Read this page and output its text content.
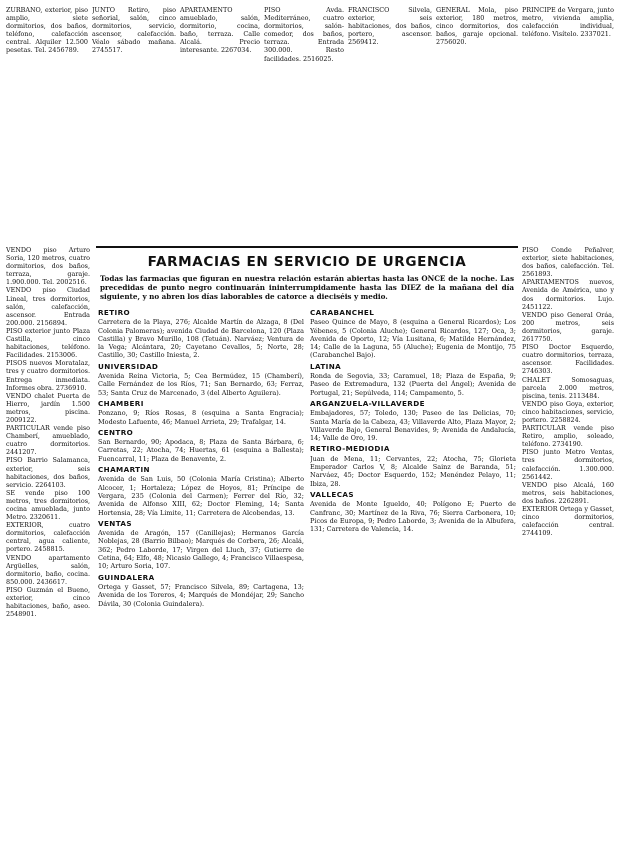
ZURBANO, exterior, piso amplio, siete dormitorios, dos baños, teléfono, calefacción central. Alquiler 12.500 pesetas. Tel. 2456789.

JUNTO Retiro, piso señorial, salón, cinco dormitorios, servicio, ascensor, calefacción. Véalo sábado mañana. 2745517.

APARTAMENTO amueblado, salón, dormitorio, cocina, baño, terraza. Calle Alcalá. Precio interesante. 2267034.

PISO Avda. Mediterráneo, cuatro dormitorios, salón-comedor, dos baños, terraza. Entrada 300.000. Resto facilidades. 2516025.

FRANCISCO Silvela, exterior, seis habitaciones, dos baños, portero, ascensor. 2569412.

GENERAL Mola, piso exterior, 180 metros, cinco dormitorios, dos baños, garaje opcional. 2756020.

PRINCIPE de Vergara, junto metro, vivienda amplia, calefacción individual, teléfono. Visítelo. 2337021.

VENDO piso Arturo Soria, 120 metros, cuatro dormitorios, dos baños, terraza, garaje. 1.900.000. Tel. 2002516.

VENDO piso Ciudad Lineal, tres dormitorios, salón, calefacción, ascensor. Entrada 200.000. 2156894.

PISO exterior junto Plaza Castilla, cinco habitaciones, teléfono. Facilidades. 2153006.

PISOS nuevos Moratalaz, tres y cuatro dormitorios. Entrega inmediata. Informes obra. 2736910.

VENDO chalet Puerta de Hierro, jardín 1.500 metros, piscina. 2009122.

PARTICULAR vende piso Chamberí, amueblado, cuatro dormitorios. 2441207.

PISO Barrio Salamanca, exterior, seis habitaciones, dos baños, servicio. 2264103.

SE vende piso 100 metros, tres dormitorios, cocina amueblada, junto Metro. 2320611.

EXTERIOR, cuatro dormitorios, calefacción central, agua caliente, portero. 2458815.

VENDO apartamento Argüelles, salón, dormitorio, baño, cocina. 850.000. 2436617.

PISO Guzmán el Bueno, exterior, cinco habitaciones, baño, aseo. 2548901.

FARMACIAS EN SERVICIO DE URGENCIA

Todas las farmacias que figuran en nuestra relación estarán abiertas hasta las ONCE de la noche. Las precedidas de punto negro continuarán ininterrumpidamente hasta las DIEZ de la mañana del día siguiente, y no abren los días laborables de catorce a dieciséis y medio.

RETIRO

Carretera de la Playa, 276; Alcalde Martín de Alzaga, 8 (Del Colonia Palomeras); avenida Ciudad de Barcelona, 120 (Plaza Castilla) y Bravo Murillo, 108 (Tetuán). Narváez; Ventura de la Vega; Alcántara, 20; Cayetano Cevallos, 5; Norte, 28; Castillo, 30; Castillo Iniesta, 2.

UNIVERSIDAD

Avenida Reina Victoria, 5; Cea Bermúdez, 15 (Chamberí), Calle Fernández de los Ríos, 71; San Bernardo, 63; Ferraz, 53; Santa Cruz de Marcenado, 3 (del Alberto Aguilera).

CHAMBERI

Ponzano, 9; Ríos Rosas, 8 (esquina a Santa Engracia); Modesto Lafuente, 46; Manuel Arrieta, 29; Trafalgar, 14.

CENTRO

San Bernardo, 90; Apodaca, 8; Plaza de Santa Bárbara, 6; Carretas, 22; Atocha, 74; Huertas, 61 (esquina a Ballesta); Fuencarral, 11; Plaza de Benavente, 2.

CHAMARTIN

Avenida de San Luis, 50 (Colonia María Cristina); Alberto Alcocer, 1; Hortaleza; López de Hoyos, 81; Príncipe de Vergara, 235 (Colonia del Carmen); Ferrer del Río, 32; Avenida de Alfonso XIII, 62; Doctor Fleming, 14; Santa Hortensia, 28; Vía Limite, 11; Carretera de Alcobendas, 13.

VENTAS

Avenida de Aragón, 157 (Canillejas); Hermanos García Noblejas, 28 (Barrio Bilbao); Marqués de Corbera, 26; Alcalá, 362; Pedro Laborde, 17; Virgen del Lluch, 37; Gutierre de Cetina, 64; Elfo, 48; Nicasio Gallego, 4; Francisco Villaespesa, 10; Arturo Soria, 107.

GUINDALERA

Ortega y Gasset, 57; Francisco Silvela, 89; Cartagena, 13; Avenida de los Toreros, 4; Marqués de Mondéjar, 29; Sancho Dávila, 30 (Colonia Guindalera).

CARABANCHEL

Paseo Quince de Mayo, 8 (esquina a General Ricardos); Los Yébenes, 5 (Colonia Aluche); General Ricardos, 127; Oca, 3; Avenida de Oporto, 12; Vía Lusitana, 6; Matilde Hernández, 14; Calle de la Laguna, 55 (Aluche); Eugenia de Montijo, 75 (Carabanchel Bajo).

LATINA

Ronda de Segovia, 33; Caramuel, 18; Plaza de España, 9; Paseo de Extremadura, 132 (Puerta del Ángel); Avenida de Portugal, 21; Sepúlveda, 114; Campamento, 5.

ARGANZUELA-VILLAVERDE

Embajadores, 57; Toledo, 130; Paseo de las Delicias, 70; Santa María de la Cabeza, 43; Villaverde Alto, Plaza Mayor, 2; Villaverde Bajo, General Benavides, 9; Avenida de Andalucía, 14; Valle de Oro, 19.

RETIRO-MEDIODIA

Juan de Mena, 11; Cervantes, 22; Atocha, 75; Glorieta Emperador Carlos V, 8; Alcalde Sainz de Baranda, 51; Narváez, 45; Doctor Esquerdo, 152; Menéndez Pelayo, 11; Ibiza, 28.

VALLECAS

Avenida de Monte Igueldo, 40; Polígono E; Puerto de Canfranc, 30; Martínez de la Riva, 76; Sierra Carbonera, 10; Picos de Europa, 9; Pedro Laborde, 3; Avenida de la Albufera, 131; Carretera de Valencia, 14.

PISO Conde Peñalver, exterior, siete habitaciones, dos baños, calefacción. Tel. 2561893.

APARTAMENTOS nuevos, Avenida de América, uno y dos dormitorios. Lujo. 2451122.

VENDO piso General Oráa, 200 metros, seis dormitorios, garaje. 2617750.

PISO Doctor Esquerdo, cuatro dormitorios, terraza, ascensor. Facilidades. 2746303.

CHALET Somosaguas, parcela 2.000 metros, piscina, tenis. 2113484.

VENDO piso Goya, exterior, cinco habitaciones, servicio, portero. 2258824.

PARTICULAR vende piso Retiro, amplio, soleado, teléfono. 2734190.

PISO junto Metro Ventas, tres dormitorios, calefacción. 1.300.000. 2561442.

VENDO piso Alcalá, 160 metros, seis habitaciones, dos baños. 2262891.

EXTERIOR Ortega y Gasset, cinco dormitorios, calefacción central. 2744109.
